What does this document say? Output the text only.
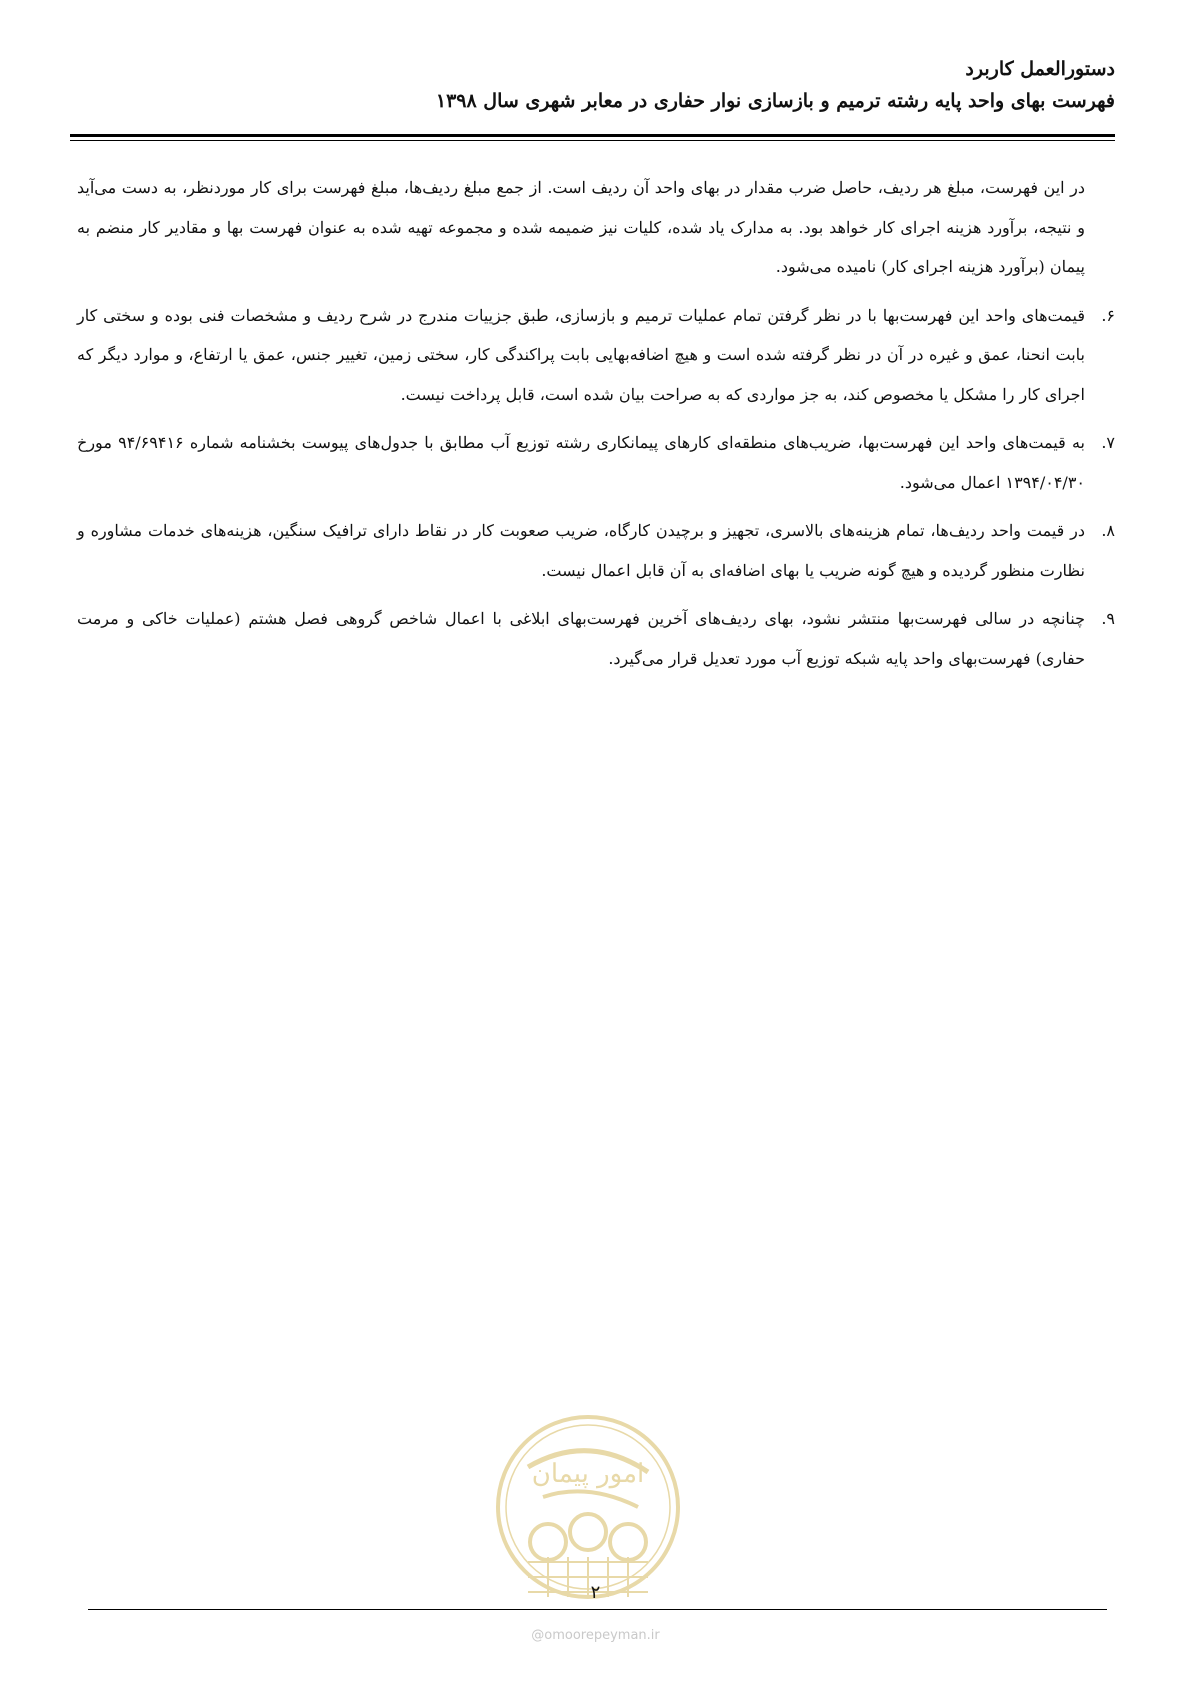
دستورالعمل کاربرد

فهرست بهای واحد پایه رشته ترمیم و بازسازی نوار حفاری در معابر شهری سال ۱۳۹۸

در این فهرست، مبلغ هر ردیف، حاصل ضرب مقدار در بهای واحد آن ردیف است. از جمع مبلغ ردیف‌ها، مبلغ فهرست برای کار موردنظر، به دست می‌آید و نتیجه، برآورد هزینه اجرای کار خواهد بود. به مدارک یاد شده، کلیات نیز ضمیمه شده و مجموعه تهیه شده به عنوان فهرست بها و مقادیر کار منضم به پیمان (برآورد هزینه اجرای کار) نامیده می‌شود.

۶.
قیمت‌های واحد این فهرست‌بها با در نظر گرفتن تمام عملیات ترمیم و بازسازی، طبق جزییات مندرج در شرح ردیف و مشخصات فنی بوده و سختی کار بابت انحنا، عمق و غیره در آن در نظر گرفته شده است و هیچ اضافه‌بهایی بابت پراکندگی کار، سختی زمین، تغییر جنس، عمق یا ارتفاع، و موارد دیگر که اجرای کار را مشکل یا مخصوص کند، به جز مواردی که به صراحت بیان شده است، قابل پرداخت نیست.
۷.
به قیمت‌های واحد این فهرست‌بها، ضریب‌های منطقه‌ای کارهای پیمانکاری رشته توزیع آب مطابق با جدول‌های پیوست بخشنامه شماره ۹۴/۶۹۴۱۶ مورخ ۱۳۹۴/۰۴/۳۰ اعمال می‌شود.
۸.
در قیمت واحد ردیف‌ها، تمام هزینه‌های بالاسری، تجهیز و برچیدن کارگاه، ضریب صعوبت کار در نقاط دارای ترافیک سنگین، هزینه‌های خدمات مشاوره و نظارت منظور گردیده و هیچ گونه ضریب یا بهای اضافه‌ای به آن قابل اعمال نیست.
۹.
چنانچه در سالی فهرست‌بها منتشر نشود، بهای ردیف‌های آخرین فهرست‌بهای ابلاغی با اعمال شاخص گروهی فصل هشتم (عملیات خاکی و مرمت حفاری) فهرست‌بهای واحد پایه شبکه توزیع آب مورد تعدیل قرار می‌گیرد.
امور پیمان
۲
@omoorepeyman.ir
